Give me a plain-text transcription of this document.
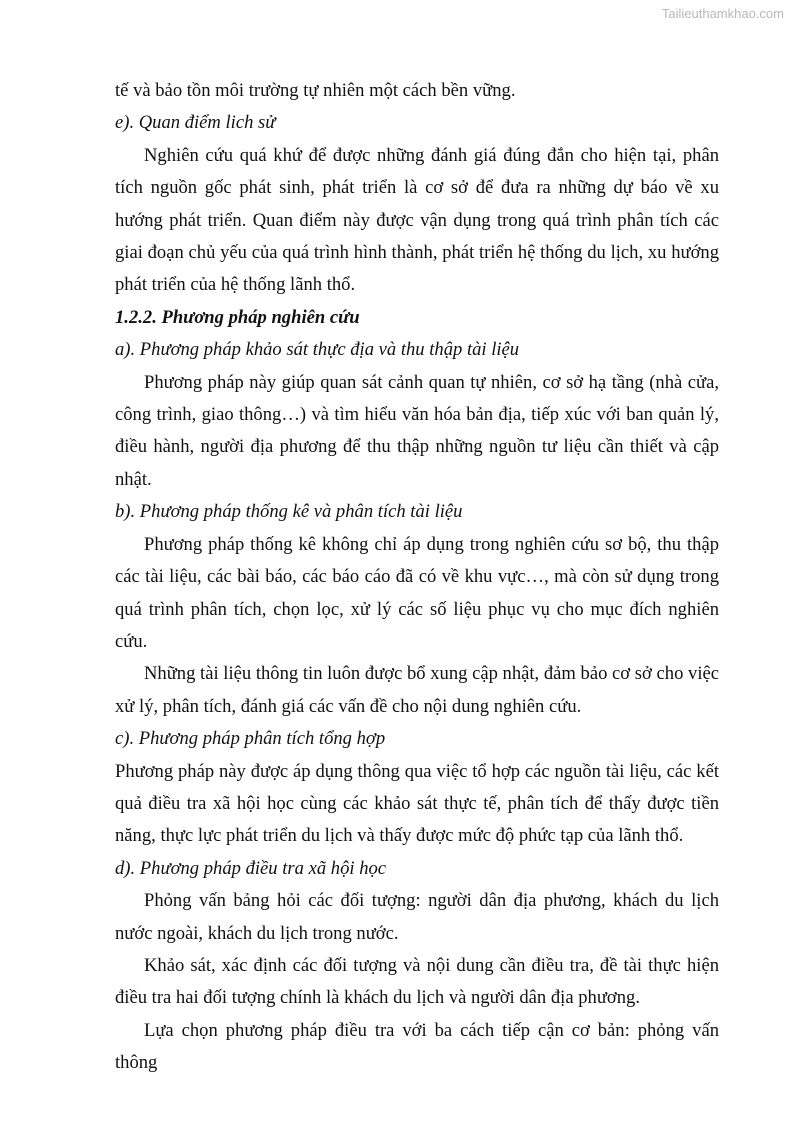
Tailieuthamkhao.com

tế và bảo tồn môi trường tự nhiên một cách bền vững.

e). Quan điểm lich sử

Nghiên cứu quá khứ để được những đánh giá đúng đắn cho hiện tại, phân tích nguồn gốc phát sinh, phát triển là cơ sở để đưa ra những dự báo về xu hướng phát triển. Quan điểm này được vận dụng trong quá trình phân tích các giai đoạn chủ yếu của quá trình hình thành, phát triển hệ thống du lịch, xu hướng phát triển của hệ thống lãnh thổ.

1.2.2. Phương pháp nghiên cứu

a). Phương pháp khảo sát thực địa và thu thập tài liệu

Phương pháp này giúp quan sát cảnh quan tự nhiên, cơ sở hạ tầng (nhà cửa, công trình, giao thông…) và tìm hiểu văn hóa bản địa, tiếp xúc với ban quản lý, điều hành, người địa phương để thu thập những nguồn tư liệu cần thiết và cập nhật.

b). Phương pháp thống kê và phân tích tài liệu

Phương pháp thống kê không chỉ áp dụng trong nghiên cứu sơ bộ, thu thập các tài liệu, các bài báo, các báo cáo đã có về khu vực…, mà còn sử dụng trong quá trình phân tích, chọn lọc, xử lý các số liệu phục vụ cho mục đích nghiên cứu.

Những tài liệu thông tin luôn được bổ xung cập nhật, đảm bảo cơ sở cho việc xử lý, phân tích, đánh giá các vấn đề cho nội dung nghiên cứu.

c). Phương pháp phân tích tổng hợp

Phương pháp này được áp dụng thông qua việc tổ hợp các nguồn tài liệu, các kết quả điều tra xã hội học cùng các khảo sát thực tế, phân tích để thấy được tiền năng, thực lực phát triển du lịch và thấy được mức độ phức tạp của lãnh thổ.

d). Phương pháp điều tra xã hội học

Phỏng vấn bảng hỏi các đối tượng: người dân địa phương, khách du lịch nước ngoài, khách du lịch trong nước.

Khảo sát, xác định các đối tượng và nội dung cần điều tra, đề tài thực hiện điều tra hai đối tượng chính là khách du lịch và người dân địa phương.

Lựa chọn phương pháp điều tra với ba cách tiếp cận cơ bản: phỏng vấn thông
